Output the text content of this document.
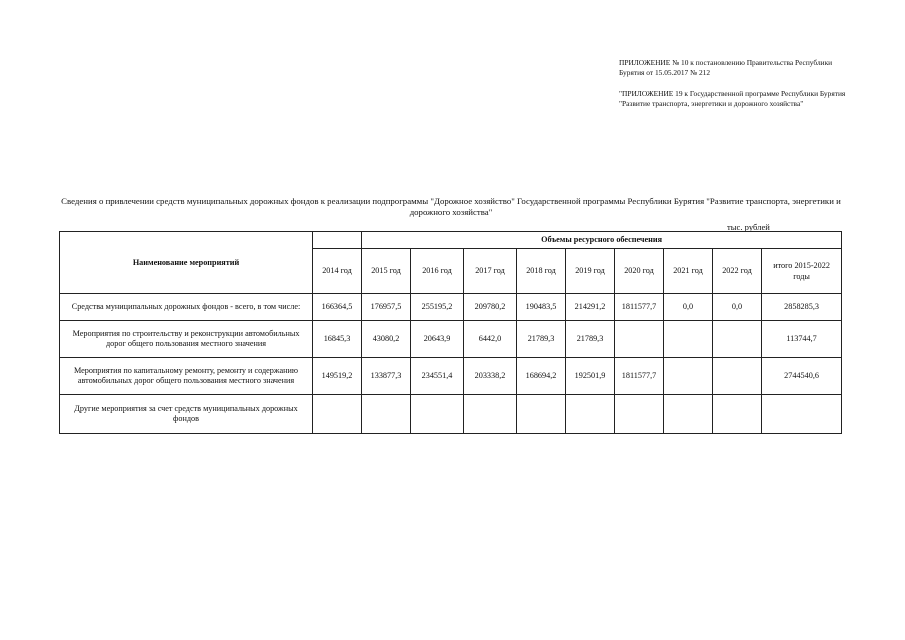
ПРИЛОЖЕНИЕ № 10 к постановлению Правительства Республики Бурятия от 15.05.2017 № 212
"ПРИЛОЖЕНИЕ 19 к Государственной программе Республики Бурятия "Развитие транспорта, энергетики и дорожного хозяйства"
Сведения о привлечении средств муниципальных дорожных фондов к реализации подпрограммы "Дорожное хозяйство" Государственной программы Республики Бурятия "Развитие транспорта, энергетики и дорожного хозяйства"
тыс. рублей
Наименование мероприятий		Объемы ресурсного обеспечения								
	2014 год	2015 год	2016 год	2017 год	2018 год	2019 год	2020 год	2021 год	2022 год	итого 2015-2022 годы
Средства муниципальных дорожных фондов - всего, в том числе:	166364,5	176957,5	255195,2	209780,2	190483,5	214291,2	1811577,7	0,0	0,0	2858285,3
Мероприятия по строительству и реконструкции автомобильных дорог общего пользования местного значения	16845,3	43080,2	20643,9	6442,0	21789,3	21789,3				113744,7
Мероприятия по капитальному ремонту, ремонту и содержанию автомобильных дорог общего пользования местного значения	149519,2	133877,3	234551,4	203338,2	168694,2	192501,9	1811577,7			2744540,6
Другие мероприятия за счет средств муниципальных дорожных фондов										
